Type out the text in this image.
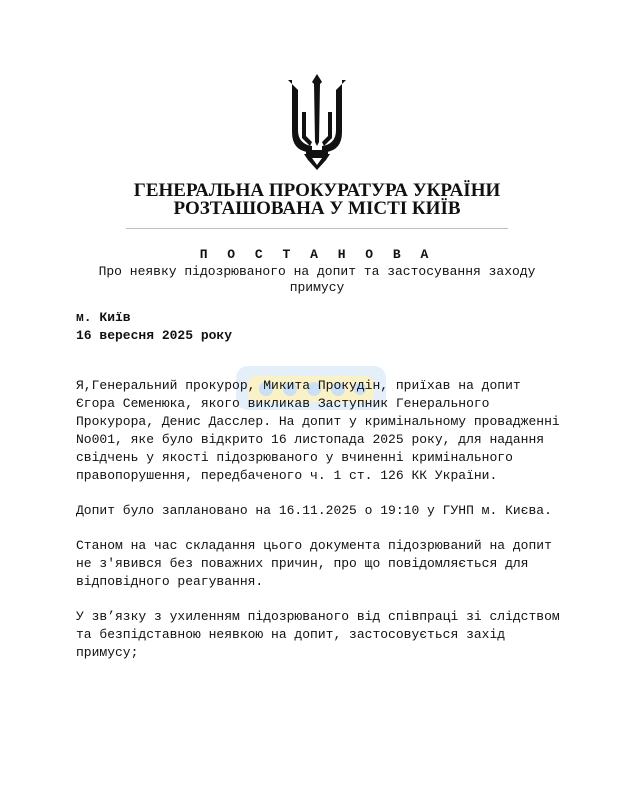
ГЕНЕРАЛЬНА ПРОКУРАТУРА УКРАЇНИ
РОЗТАШОВАНА У МІСТІ КИЇВ
П О С Т А Н О В А
Про неявку підозрюваного на допит та застосування заходу примусу
м. Київ
16 вересня 2025 року

Я,Генеральний прокурор, Микита Прокудін, приїхав на допит Єгора Семенюка, якого викликав Заступник Генерального Прокурора, Денис Дасслер. На допит у кримінальному провадженні No001, яке було відкрито 16 листопада 2025 року, для надання свідчень у якості підозрюваного у вчиненні кримінального правопорушення, передбаченого ч. 1 ст. 126 КК України.

Допит було заплановано на 16.11.2025 о 19:10 у ГУНП м. Києва.

Станом на час складання цього документа підозрюваний на допит не з'явився без поважних причин, про що повідомляється для відповідного реагування.

У зв’язку з ухиленням підозрюваного від співпраці зі слідством та безпідставною неявкою на допит, застосовується захід примусу;
